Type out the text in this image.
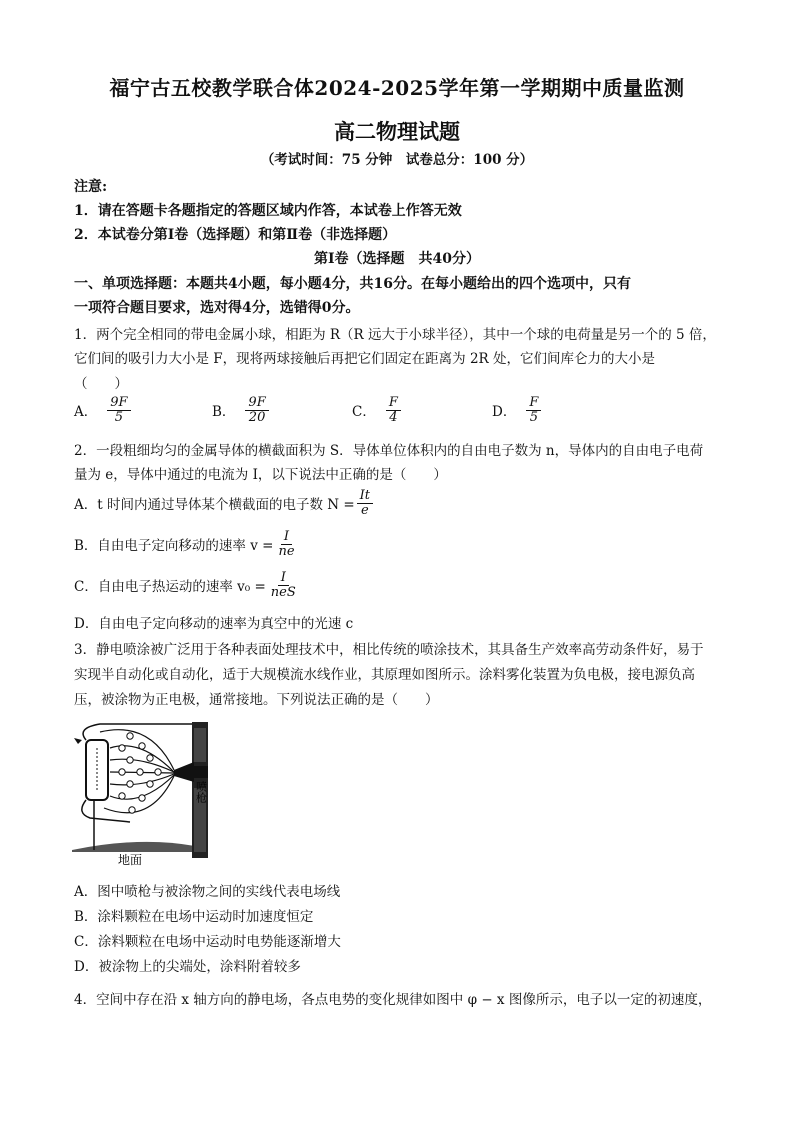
福宁古五校教学联合体2024-2025学年第一学期期中质量监测
高二物理试题
（考试时间：75 分钟　试卷总分：100 分）
注意:
1．请在答题卡各题指定的答题区域内作答，本试卷上作答无效
2．本试卷分第Ⅰ卷（选择题）和第Ⅱ卷（非选择题）
第Ⅰ卷（选择题　共40分）
一、单项选择题：本题共4小题，每小题4分，共16分。在每小题给出的四个选项中，只有
一项符合题目要求，选对得4分，选错得0分。
1．两个完全相同的带电金属小球，相距为 R（R 远大于小球半径），其中一个球的电荷量是另一个的 5 倍，
它们间的吸引力大小是 F，现将两球接触后再把它们固定在距离为 2R 处，它们间库仑力的大小是
（　　）
A． $\frac{9F}{5}$	B． $\frac{9F}{20}$	C． $\frac{F}{4}$	D． $\frac{F}{5}$
2．一段粗细均匀的金属导体的横截面积为 S．导体单位体积内的自由电子数为 n，导体内的自由电子电荷
量为 e，导体中通过的电流为 I，以下说法中正确的是（　　）
A．t 时间内通过导体某个横截面的电子数 $N = \frac{It}{e}$
B．自由电子定向移动的速率 $v = \frac{I}{ne}$
C．自由电子热运动的速率 $v_0 = \frac{I}{\text{neS}}$
D．自由电子定向移动的速率为真空中的光速 c
3．静电喷涂被广泛用于各种表面处理技术中，相比传统的喷涂技术，其具备生产效率高劳动条件好，易于
实现半自动化或自动化，适于大规模流水线作业，其原理如图所示。涂料雾化装置为负电极，接电源负高
压，被涂物为正电极，通常接地。下列说法正确的是（　　）
喷枪
地面
A．图中喷枪与被涂物之间的实线代表电场线
B．涂料颗粒在电场中运动时加速度恒定
C．涂料颗粒在电场中运动时电势能逐渐增大
D．被涂物上的尖端处，涂料附着较多
4．空间中存在沿 x 轴方向的静电场，各点电势的变化规律如图中 φ − x 图像所示，电子以一定的初速度，
